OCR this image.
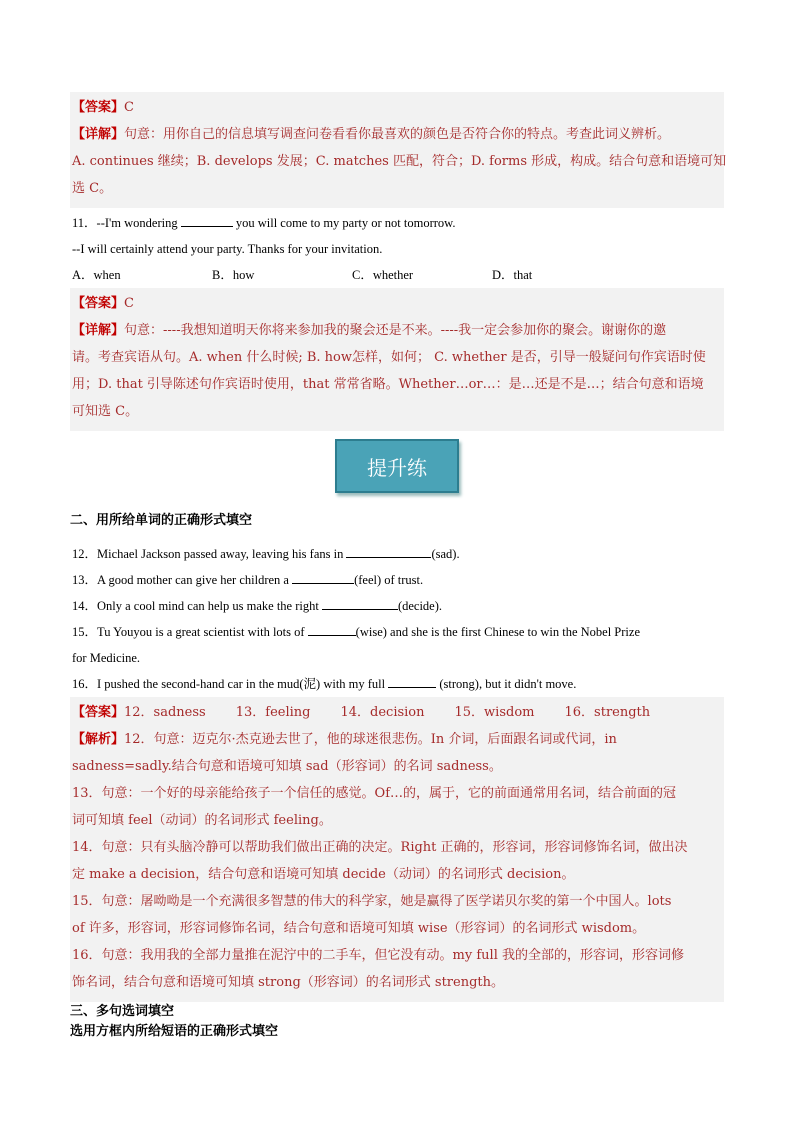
【答案】C
【详解】句意：用你自己的信息填写调查问卷看看你最喜欢的颜色是否符合你的特点。考查此词义辨析。
A. continues 继续；B. develops 发展；C. matches 匹配，符合；D. forms 形成，构成。结合句意和语境可知
选 C。
11．--I'm wondering	you will come to my party or not tomorrow.
--I will certainly attend your party. Thanks for your invitation.
A．when	B．how	C．whether	D．that
【答案】C
【详解】句意：----我想知道明天你将来参加我的聚会还是不来。----我一定会参加你的聚会。谢谢你的邀
请。考查宾语从句。A. when 什么时候; B. how怎样，如何； C. whether 是否，引导一般疑问句作宾语时使
用；D. that 引导陈述句作宾语时使用，that 常常省略。Whether…or…：是…还是不是…；结合句意和语境
可知选 C。
提升练
二、用所给单词的正确形式填空
12．Michael Jackson passed away, leaving his fans in	(sad).
13．A good mother can give her children a	(feel) of trust.
14．Only a cool mind can help us make the right	(decide).
15．Tu Youyou is a great scientist with lots of	(wise) and she is the first Chinese to win the Nobel Prize
for Medicine.
16．I pushed the second-hand car in the mud(泥) with my full	(strong), but it didn't move.
【答案】12．sadness 13．feeling 14．decision 15．wisdom 16．strength
【解析】12．句意：迈克尔·杰克逊去世了，他的球迷很悲伤。In 介词，后面跟名词或代词，in
sadness=sadly.结合句意和语境可知填 sad（形容词）的名词 sadness。
13．句意：一个好的母亲能给孩子一个信任的感觉。Of…的，属于，它的前面通常用名词，结合前面的冠
词可知填 feel（动词）的名词形式 feeling。
14．句意：只有头脑冷静可以帮助我们做出正确的决定。Right 正确的，形容词，形容词修饰名词，做出决
定 make a decision，结合句意和语境可知填 decide（动词）的名词形式 decision。
15．句意：屠呦呦是一个充满很多智慧的伟大的科学家，她是赢得了医学诺贝尔奖的第一个中国人。lots
of 许多，形容词，形容词修饰名词，结合句意和语境可知填 wise（形容词）的名词形式 wisdom。
16．句意：我用我的全部力量推在泥泞中的二手车，但它没有动。my full 我的全部的，形容词，形容词修
饰名词，结合句意和语境可知填 strong（形容词）的名词形式 strength。
三、多句选词填空
选用方框内所给短语的正确形式填空
